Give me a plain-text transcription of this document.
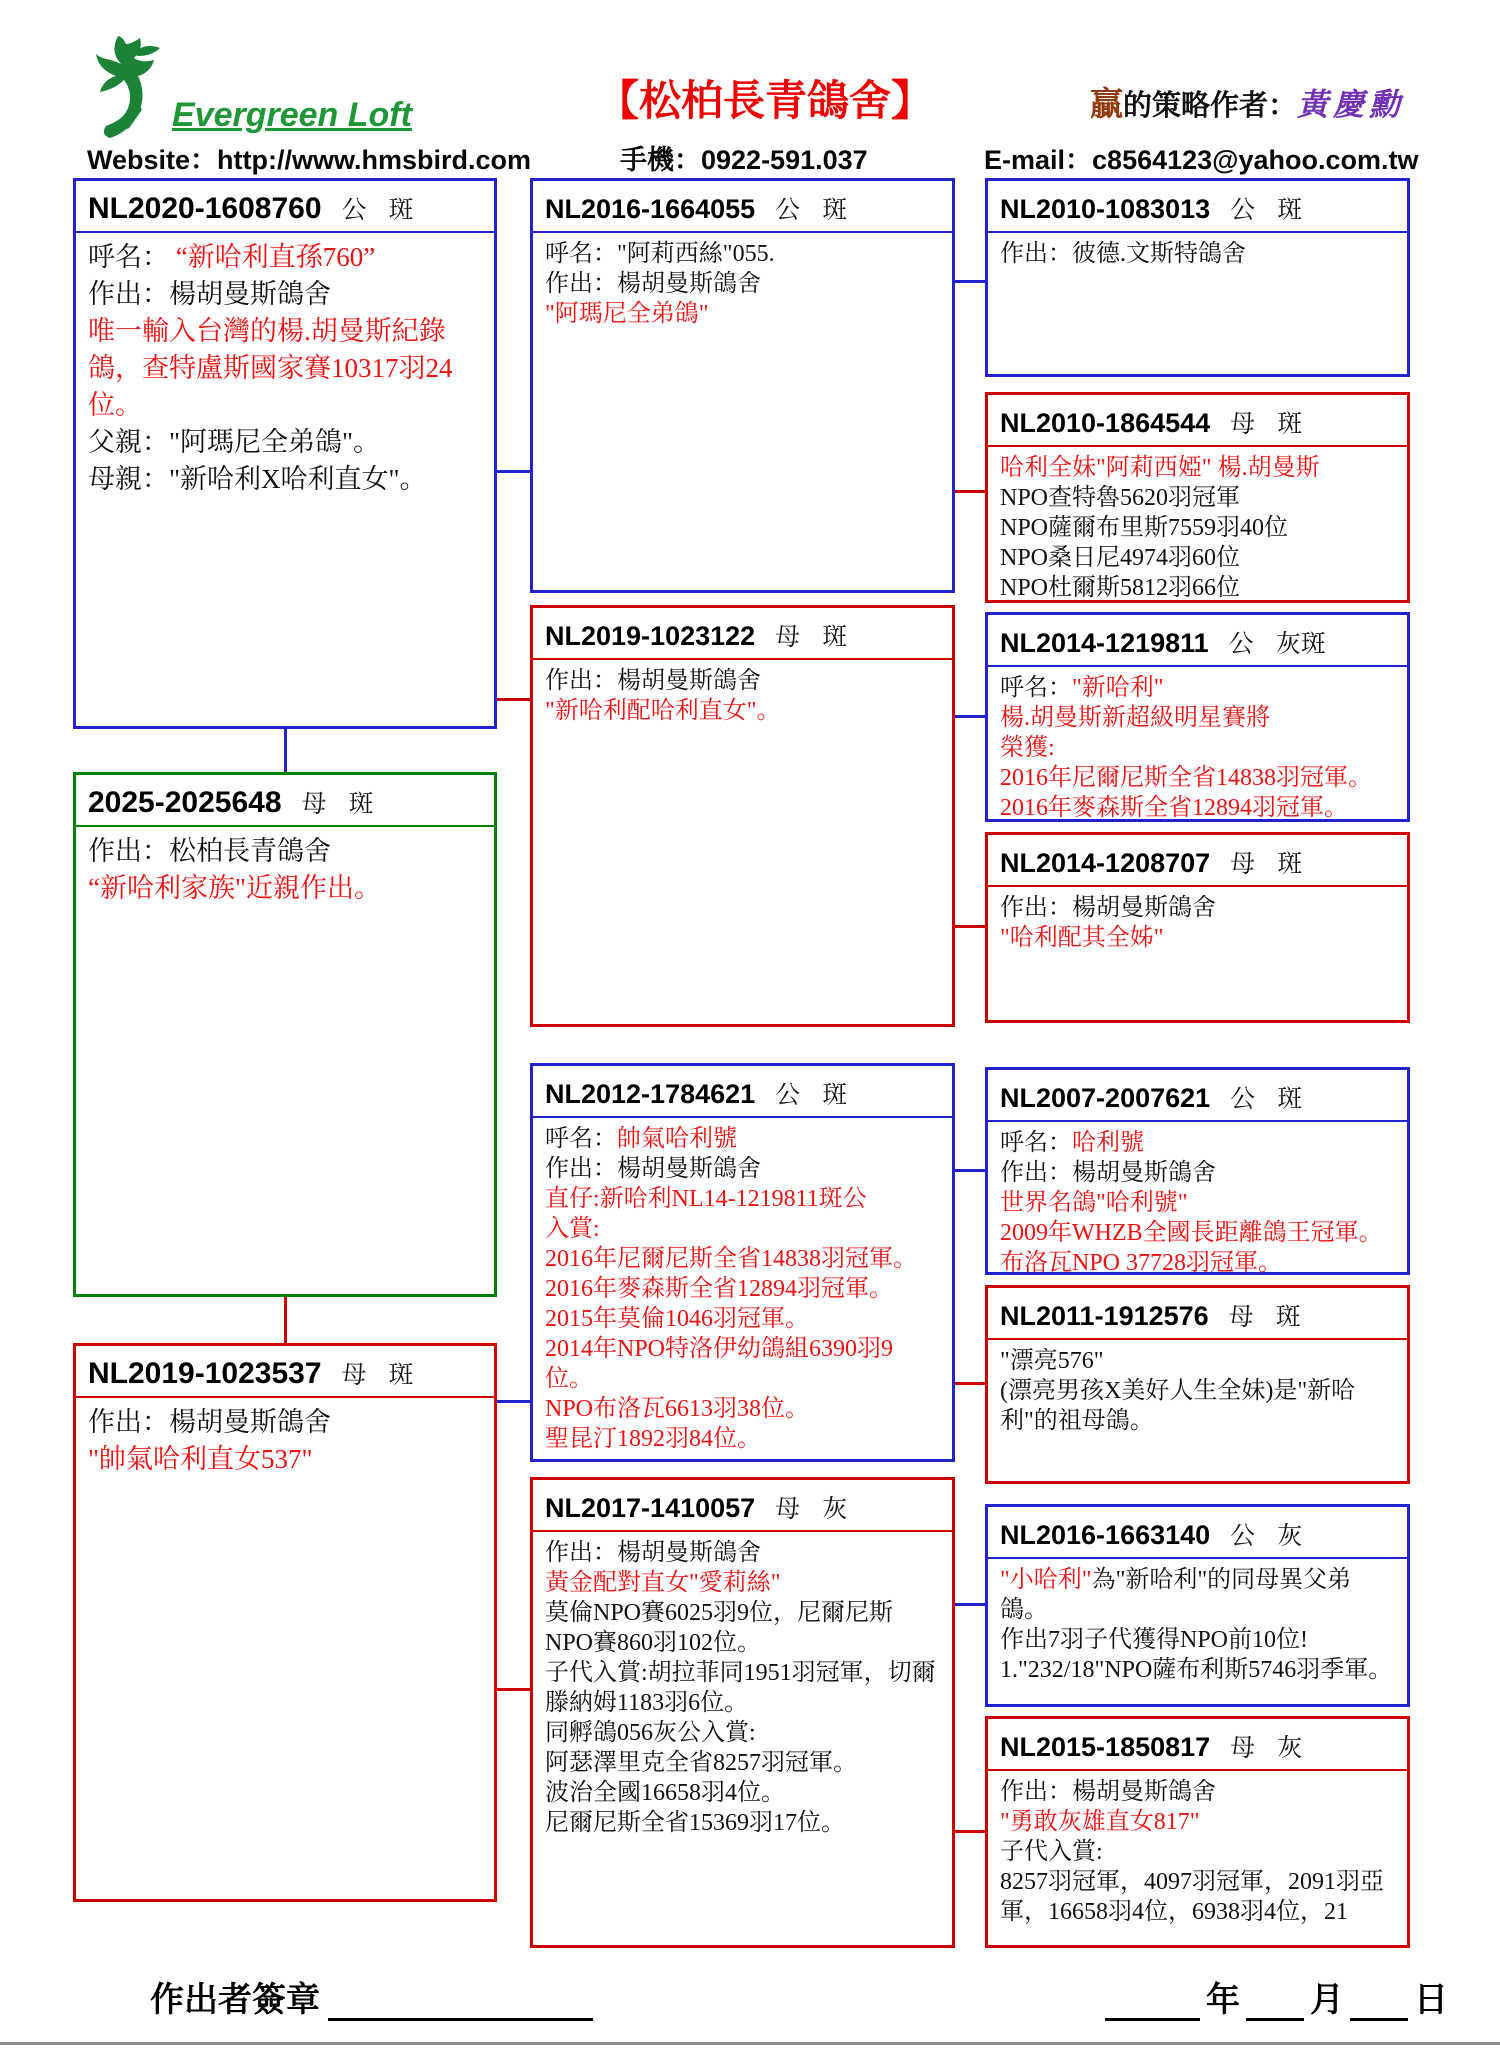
Evergreen Loft	【松柏長青鴿舍】	贏的策略作者：黃慶勳
Website：http://www.hmsbird.com	手機：0922-591.037	E-mail：c8564123@yahoo.com.tw
NL2020-1608760 公 斑
呼名： “新哈利直孫760”
作出：楊胡曼斯鴿舍
唯一輸入台灣的楊.胡曼斯紀錄鴿，查特盧斯國家賽10317羽24位。
父親："阿瑪尼全弟鴿"。
母親："新哈利X哈利直女"。
2025-2025648 母 斑
作出：松柏長青鴿舍
“新哈利家族"近親作出。
NL2019-1023537 母 斑
作出：楊胡曼斯鴿舍
"帥氣哈利直女537"
NL2016-1664055 公 斑
呼名："阿莉西絲"055.
作出：楊胡曼斯鴿舍
"阿瑪尼全弟鴿"
NL2019-1023122 母 斑
作出：楊胡曼斯鴿舍
"新哈利配哈利直女"。
NL2012-1784621 公 斑
呼名：帥氣哈利號
作出：楊胡曼斯鴿舍
直仔:新哈利NL14-1219811斑公
入賞:
2016年尼爾尼斯全省14838羽冠軍。
2016年麥森斯全省12894羽冠軍。
2015年莫倫1046羽冠軍。
2014年NPO特洛伊幼鴿組6390羽9位。
NPO布洛瓦6613羽38位。
聖昆汀1892羽84位。
NL2017-1410057 母 灰
作出：楊胡曼斯鴿舍
黃金配對直女"愛莉絲"
莫倫NPO賽6025羽9位，尼爾尼斯NPO賽860羽102位。
子代入賞:胡拉菲同1951羽冠軍，切爾滕納姆1183羽6位。
同孵鴿056灰公入賞:
阿瑟澤里克全省8257羽冠軍。
波治全國16658羽4位。
尼爾尼斯全省15369羽17位。
NL2010-1083013 公 斑
作出：彼德.文斯特鴿舍
NL2010-1864544 母 斑
哈利全妹"阿莉西婭" 楊.胡曼斯
NPO查特魯5620羽冠軍
NPO薩爾布里斯7559羽40位
NPO桑日尼4974羽60位
NPO杜爾斯5812羽66位
NL2014-1219811 公 灰斑
呼名："新哈利"
楊.胡曼斯新超級明星賽將
榮獲:
2016年尼爾尼斯全省14838羽冠軍。
2016年麥森斯全省12894羽冠軍。
NL2014-1208707 母 斑
作出：楊胡曼斯鴿舍
"哈利配其全姊"
NL2007-2007621 公 斑
呼名：哈利號
作出：楊胡曼斯鴿舍
世界名鴿"哈利號"
2009年WHZB全國長距離鴿王冠軍。
布洛瓦NPO 37728羽冠軍。
NL2011-1912576 母 斑
"漂亮576"
(漂亮男孩X美好人生全妹)是"新哈利"的祖母鴿。
NL2016-1663140 公 灰
"小哈利"為"新哈利"的同母異父弟鴿。
作出7羽子代獲得NPO前10位!
1."232/18"NPO薩布利斯5746羽季軍。
NL2015-1850817 母 灰
作出：楊胡曼斯鴿舍
"勇敢灰雄直女817"
子代入賞:
8257羽冠軍，4097羽冠軍，2091羽亞軍，16658羽4位，6938羽4位，21
作出者簽章	年 月 日
